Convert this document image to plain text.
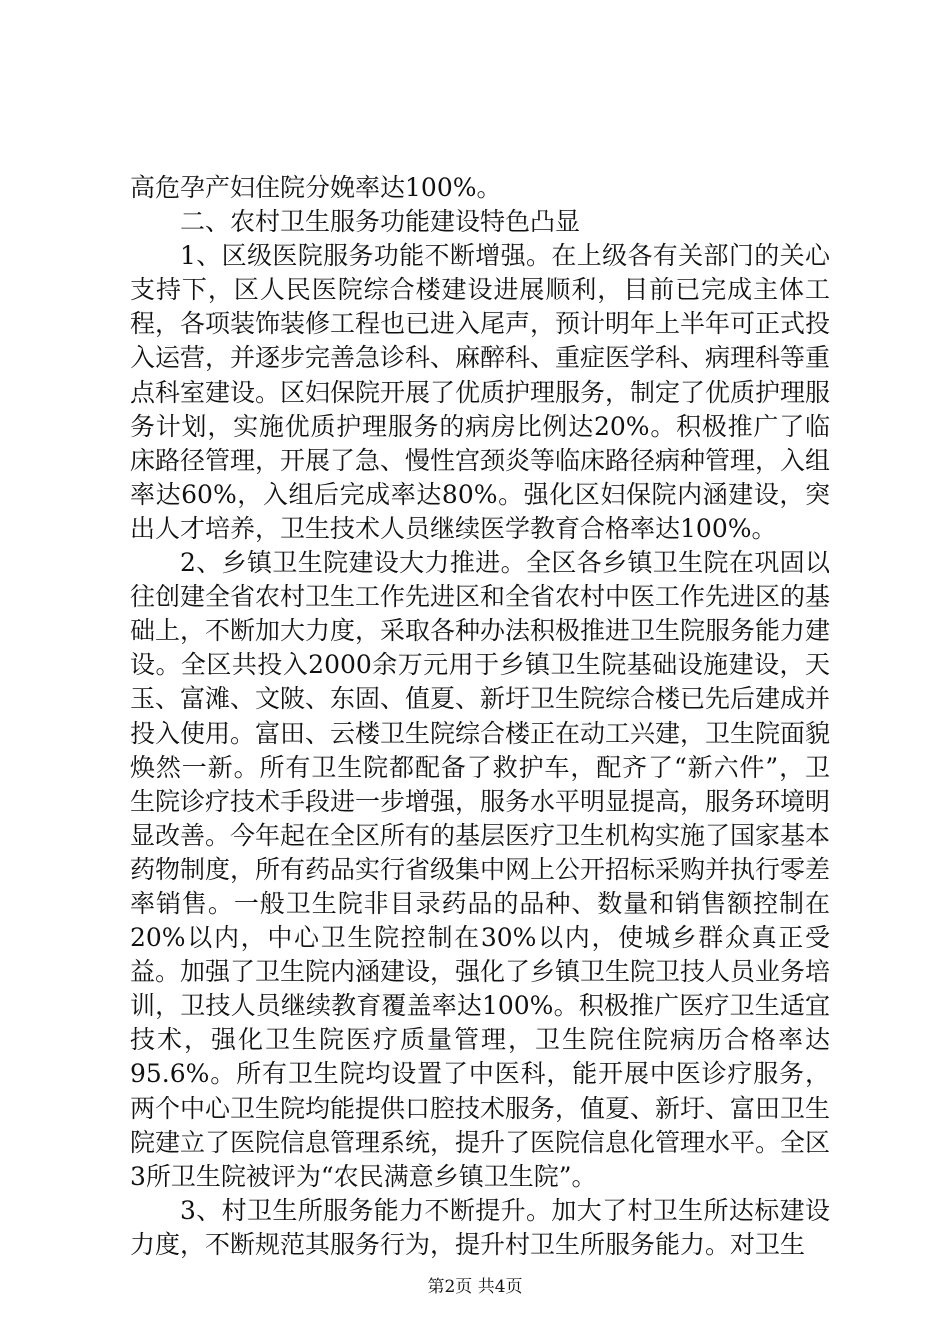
高危孕产妇住院分娩率达100%。

二、农村卫生服务功能建设特色凸显

1、区级医院服务功能不断增强。在上级各有关部门的关心支持下，区人民医院综合楼建设进展顺利，目前已完成主体工程，各项装饰装修工程也已进入尾声，预计明年上半年可正式投入运营，并逐步完善急诊科、麻醉科、重症医学科、病理科等重点科室建设。区妇保院开展了优质护理服务，制定了优质护理服务计划，实施优质护理服务的病房比例达20%。积极推广了临床路径管理，开展了急、慢性宫颈炎等临床路径病种管理，入组率达60%，入组后完成率达80%。强化区妇保院内涵建设，突出人才培养，卫生技术人员继续医学教育合格率达100%。

2、乡镇卫生院建设大力推进。全区各乡镇卫生院在巩固以往创建全省农村卫生工作先进区和全省农村中医工作先进区的基础上，不断加大力度，采取各种办法积极推进卫生院服务能力建设。全区共投入2000余万元用于乡镇卫生院基础设施建设，天玉、富滩、文陂、东固、值夏、新圩卫生院综合楼已先后建成并投入使用。富田、云楼卫生院综合楼正在动工兴建，卫生院面貌焕然一新。所有卫生院都配备了救护车，配齐了“新六件”，卫生院诊疗技术手段进一步增强，服务水平明显提高，服务环境明显改善。今年起在全区所有的基层医疗卫生机构实施了国家基本药物制度，所有药品实行省级集中网上公开招标采购并执行零差率销售。一般卫生院非目录药品的品种、数量和销售额控制在20%以内，中心卫生院控制在30%以内，使城乡群众真正受益。加强了卫生院内涵建设，强化了乡镇卫生院卫技人员业务培训，卫技人员继续教育覆盖率达100%。积极推广医疗卫生适宜技术，强化卫生院医疗质量管理，卫生院住院病历合格率达95.6%。所有卫生院均设置了中医科，能开展中医诊疗服务，两个中心卫生院均能提供口腔技术服务，值夏、新圩、富田卫生院建立了医院信息管理系统，提升了医院信息化管理水平。全区3所卫生院被评为“农民满意乡镇卫生院”。

3、村卫生所服务能力不断提升。加大了村卫生所达标建设力度，不断规范其服务行为，提升村卫生所服务能力。对卫生

第2页 共4页
